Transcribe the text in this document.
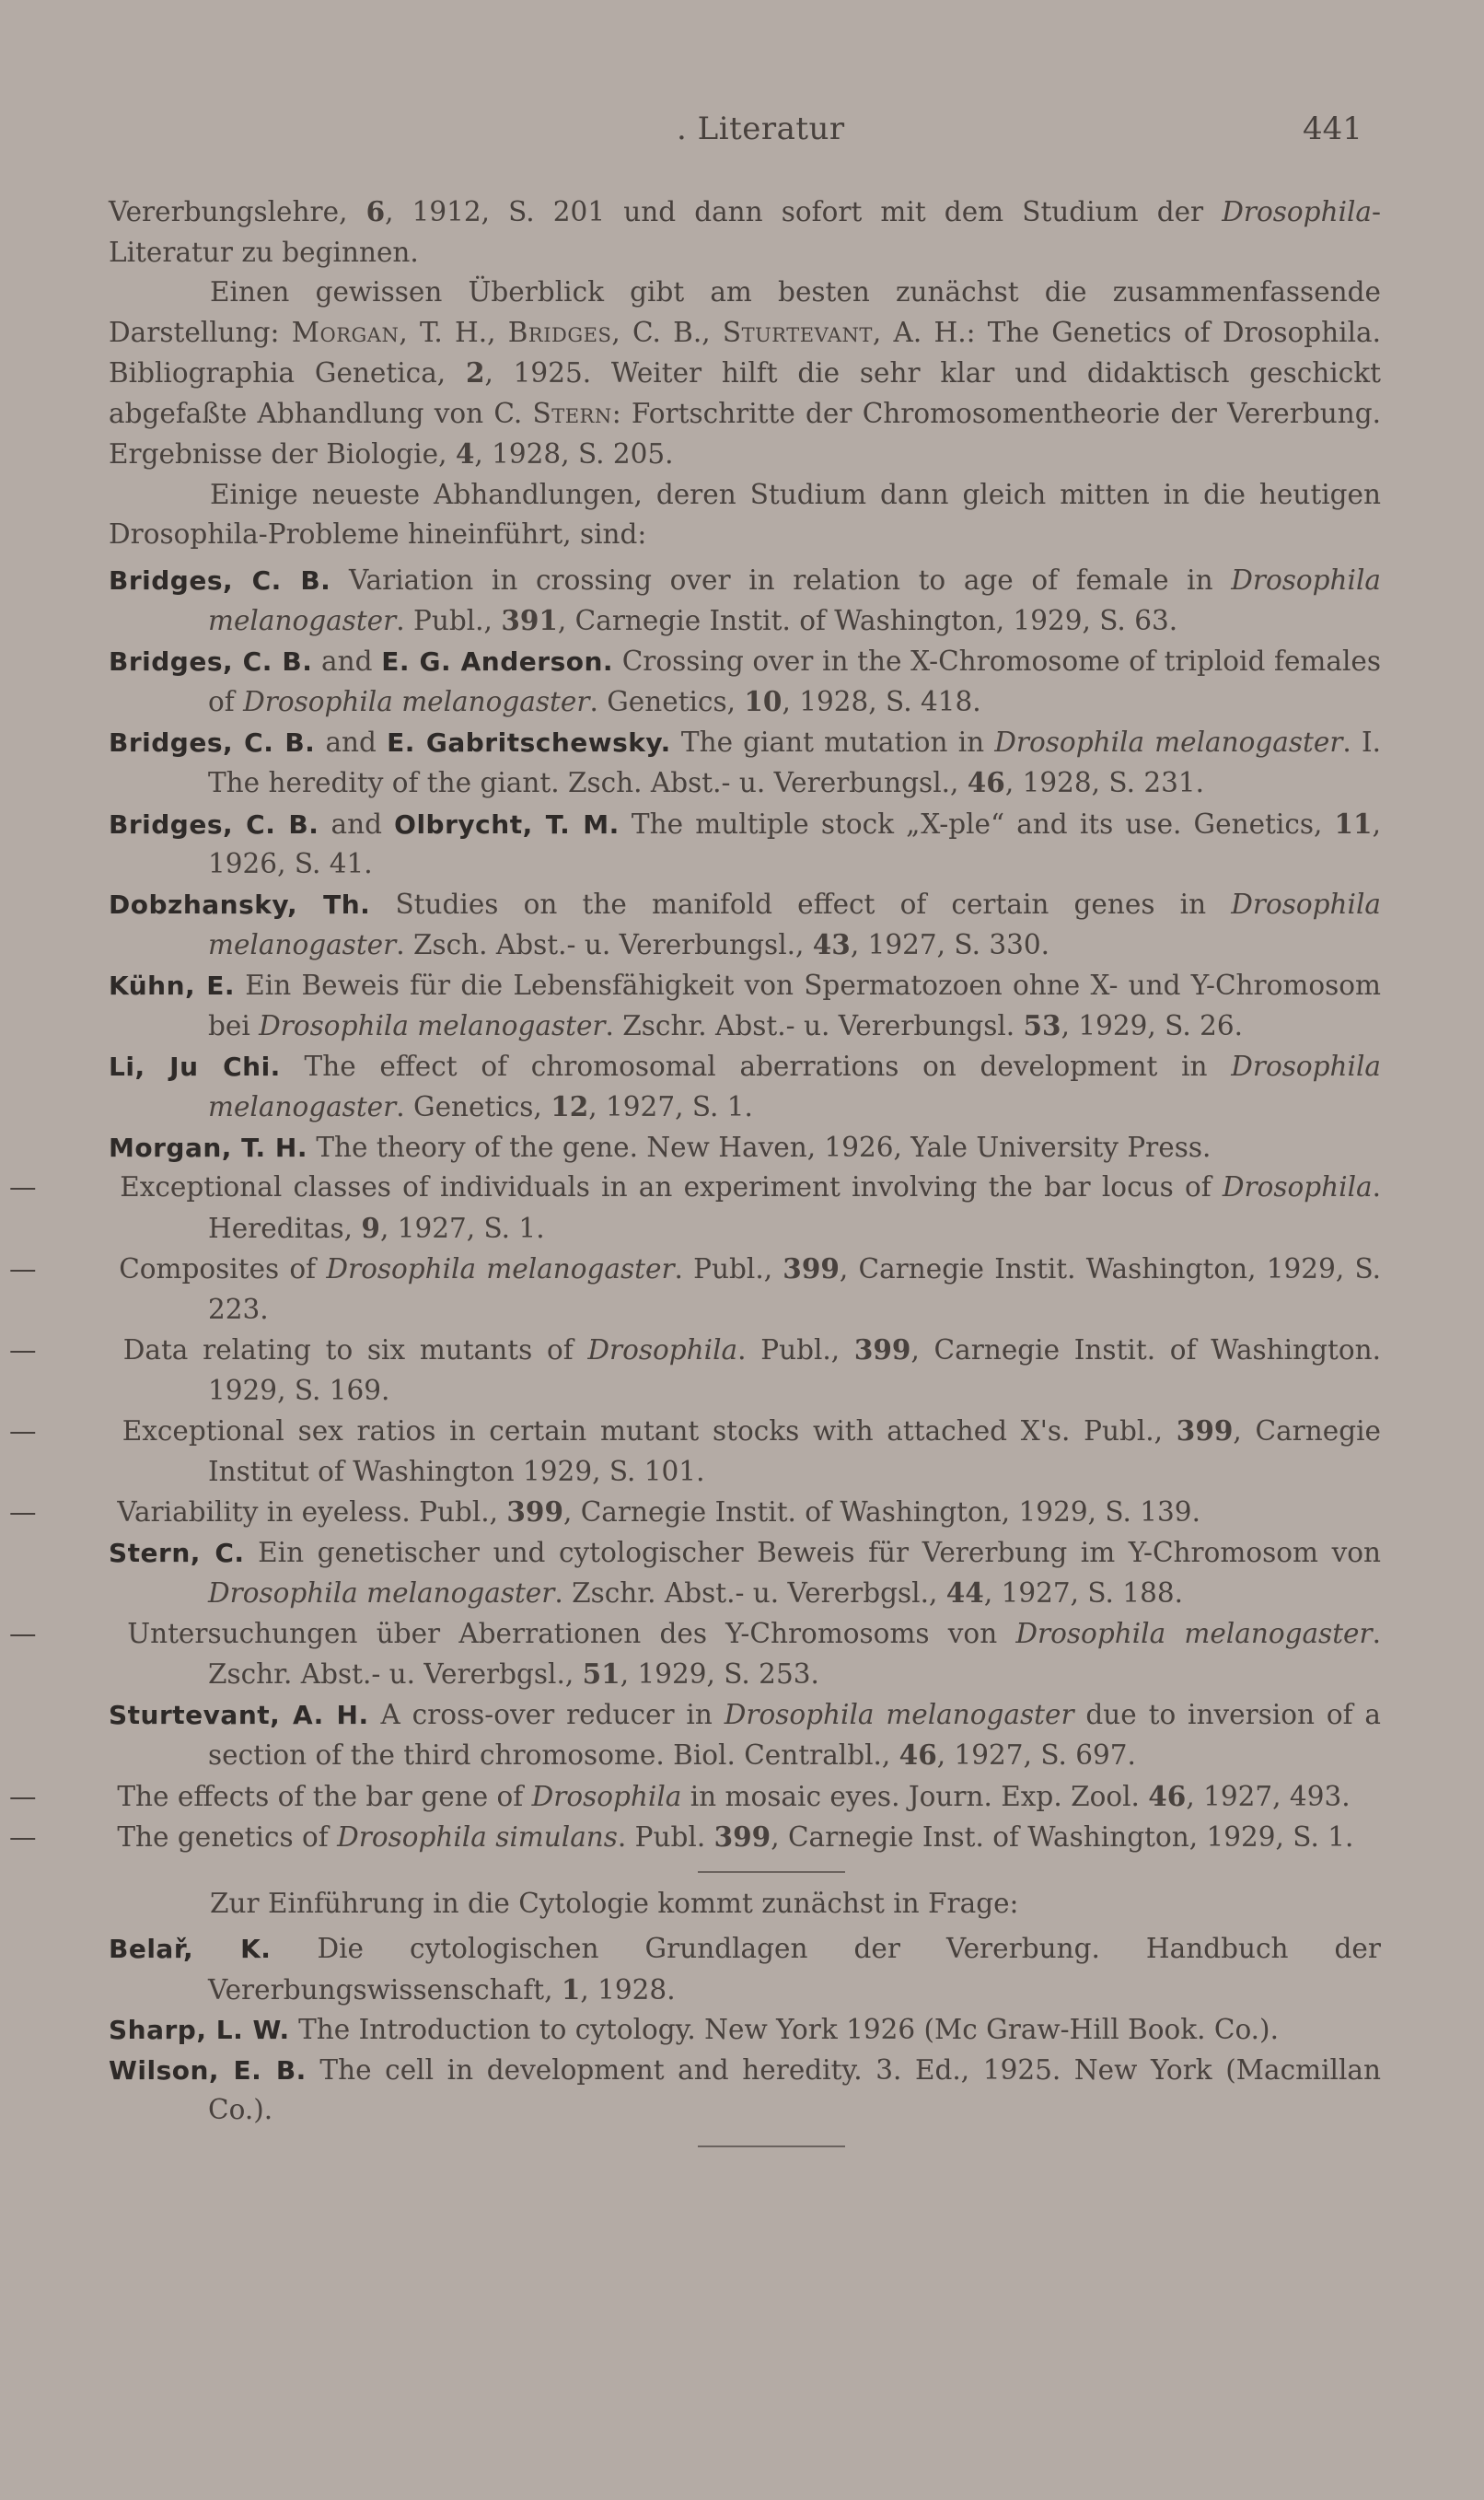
. Literatur	441

Vererbungslehre, 6, 1912, S. 201 und dann sofort mit dem Studium der Drosophila-Literatur zu beginnen.

Einen gewissen Überblick gibt am besten zunächst die zusammenfassende Darstellung: Morgan, T. H., Bridges, C. B., Sturtevant, A. H.: The Genetics of Drosophila. Bibliographia Genetica, 2, 1925. Weiter hilft die sehr klar und didaktisch geschickt abgefaßte Abhandlung von C. Stern: Fortschritte der Chromosomentheorie der Vererbung. Ergebnisse der Biologie, 4, 1928, S. 205.

Einige neueste Abhandlungen, deren Studium dann gleich mitten in die heutigen Drosophila-Probleme hineinführt, sind:

Bridges, C. B. Variation in crossing over in relation to age of female in Drosophila melanogaster. Publ., 391, Carnegie Instit. of Washington, 1929, S. 63.

Bridges, C. B. and E. G. Anderson. Crossing over in the X-Chromosome of triploid females of Drosophila melanogaster. Genetics, 10, 1928, S. 418.

Bridges, C. B. and E. Gabritschewsky. The giant mutation in Drosophila melanogaster. I. The heredity of the giant. Zsch. Abst.- u. Vererbungsl., 46, 1928, S. 231.

Bridges, C. B. and Olbrycht, T. M. The multiple stock „X-ple“ and its use. Genetics, 11, 1926, S. 41.

Dobzhansky, Th. Studies on the manifold effect of certain genes in Drosophila melanogaster. Zsch. Abst.- u. Vererbungsl., 43, 1927, S. 330.

Kühn, E. Ein Beweis für die Lebensfähigkeit von Spermatozoen ohne X- und Y-Chromosom bei Drosophila melanogaster. Zschr. Abst.- u. Vererbungsl. 53, 1929, S. 26.

Li, Ju Chi. The effect of chromosomal aberrations on development in Drosophila melanogaster. Genetics, 12, 1927, S. 1.

Morgan, T. H. The theory of the gene. New Haven, 1926, Yale University Press.

—	Exceptional classes of individuals in an experiment involving the bar locus of Drosophila. Hereditas, 9, 1927, S. 1.

—	Composites of Drosophila melanogaster. Publ., 399, Carnegie Instit. Washington, 1929, S. 223.

—	Data relating to six mutants of Drosophila. Publ., 399, Carnegie Instit. of Washington. 1929, S. 169.

—	Exceptional sex ratios in certain mutant stocks with attached X's. Publ., 399, Carnegie Institut of Washington 1929, S. 101.

—	Variability in eyeless. Publ., 399, Carnegie Instit. of Washington, 1929, S. 139.

Stern, C. Ein genetischer und cytologischer Beweis für Vererbung im Y-Chromosom von Drosophila melanogaster. Zschr. Abst.- u. Vererbgsl., 44, 1927, S. 188.

—	Untersuchungen über Aberrationen des Y-Chromosoms von Drosophila melanogaster. Zschr. Abst.- u. Vererbgsl., 51, 1929, S. 253.

Sturtevant, A. H. A cross-over reducer in Drosophila melanogaster due to inversion of a section of the third chromosome. Biol. Centralbl., 46, 1927, S. 697.

—	The effects of the bar gene of Drosophila in mosaic eyes. Journ. Exp. Zool. 46, 1927, 493.

—	The genetics of Drosophila simulans. Publ. 399, Carnegie Inst. of Washington, 1929, S. 1.

Zur Einführung in die Cytologie kommt zunächst in Frage:

Belař, K. Die cytologischen Grundlagen der Vererbung. Handbuch der Vererbungswissenschaft, 1, 1928.

Sharp, L. W. The Introduction to cytology. New York 1926 (Mc Graw-Hill Book. Co.).

Wilson, E. B. The cell in development and heredity. 3. Ed., 1925. New York (Macmillan Co.).
